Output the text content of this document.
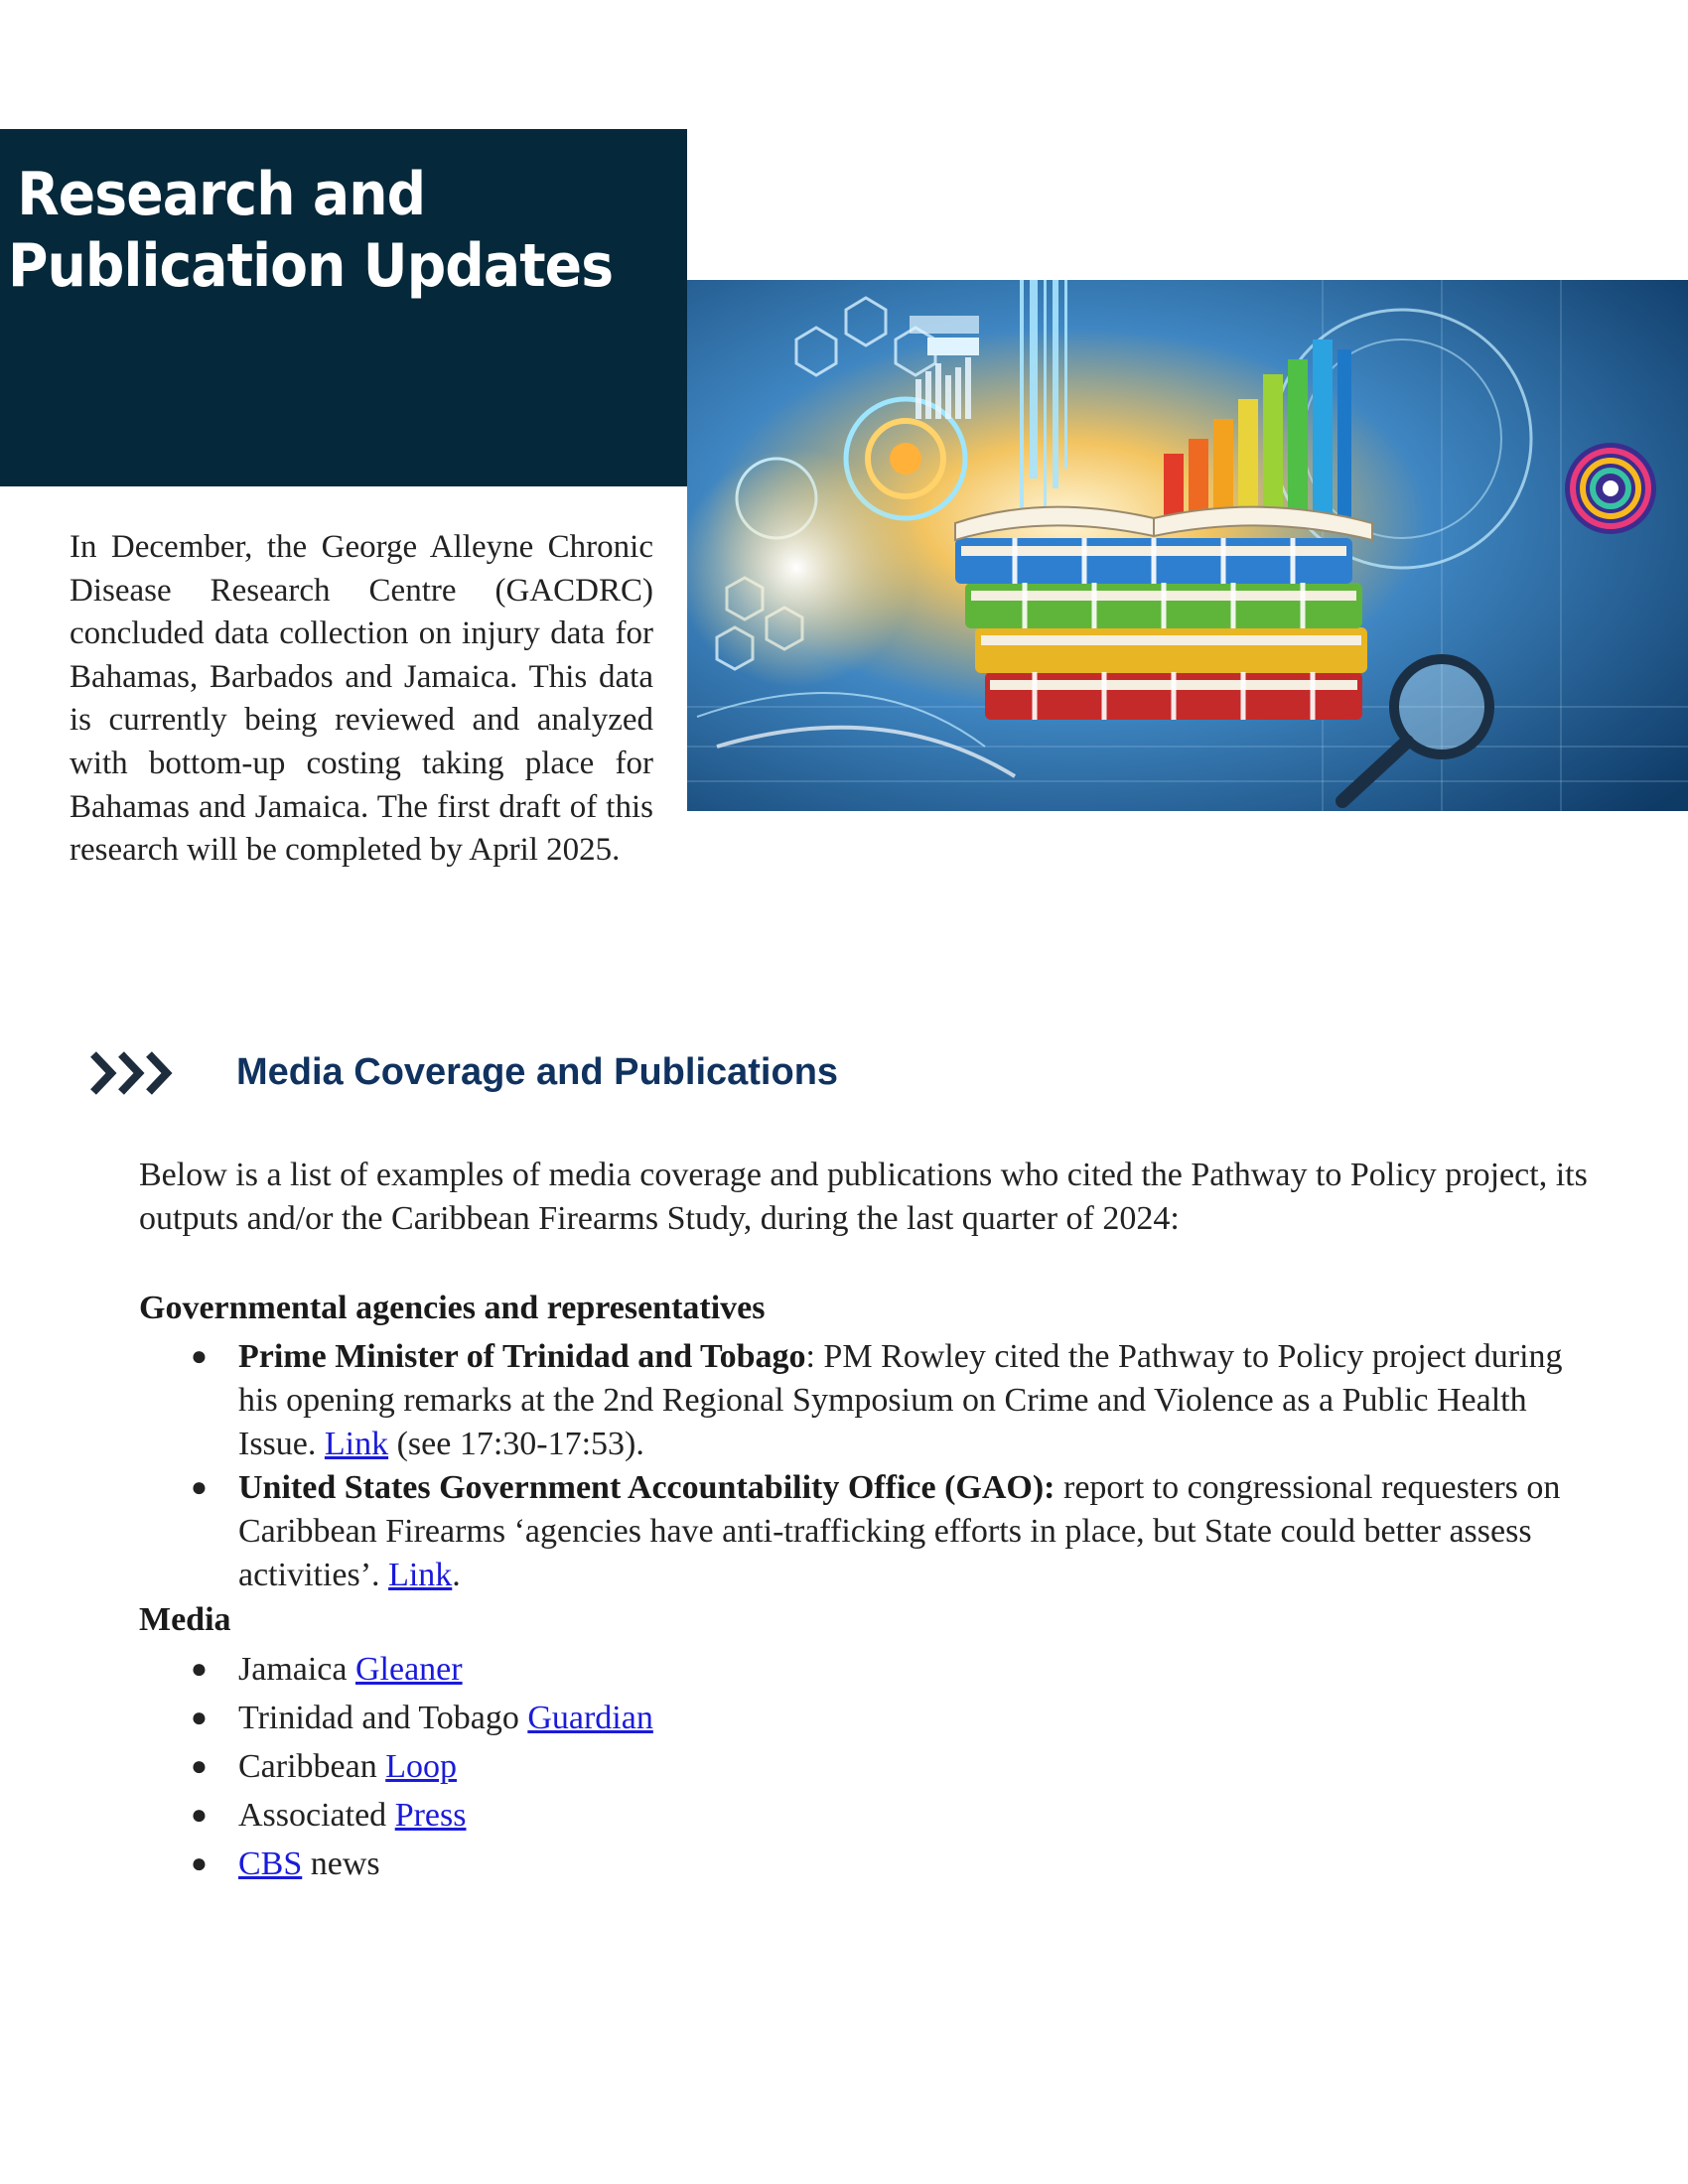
Research and
Publication Updates

In December, the George Alleyne Chronic Disease Research Centre (GACDRC) concluded data collection on injury data for Bahamas, Barbados and Jamaica. This data is currently being reviewed and analyzed with bottom-up costing taking place for Bahamas and Jamaica. The first draft of this research will be completed by April 2025.

Media Coverage and Publications

Below is a list of examples of media coverage and publications who cited the Pathway to Policy project, its outputs and/or the Caribbean Firearms Study, during the last quarter of 2024:

Governmental agencies and representatives

●
Prime Minister of Trinidad and Tobago: PM Rowley cited the Pathway to Policy project during his opening remarks at the 2nd Regional Symposium on Crime and Violence as a Public Health Issue. Link (see 17:30-17:53).
●
United States Government Accountability Office (GAO): report to congressional requesters on Caribbean Firearms ‘agencies have anti-trafficking efforts in place, but State could better assess activities’. Link.

Media

●
Jamaica Gleaner
●
Trinidad and Tobago Guardian
●
Caribbean Loop
●
Associated Press
●
CBS news
